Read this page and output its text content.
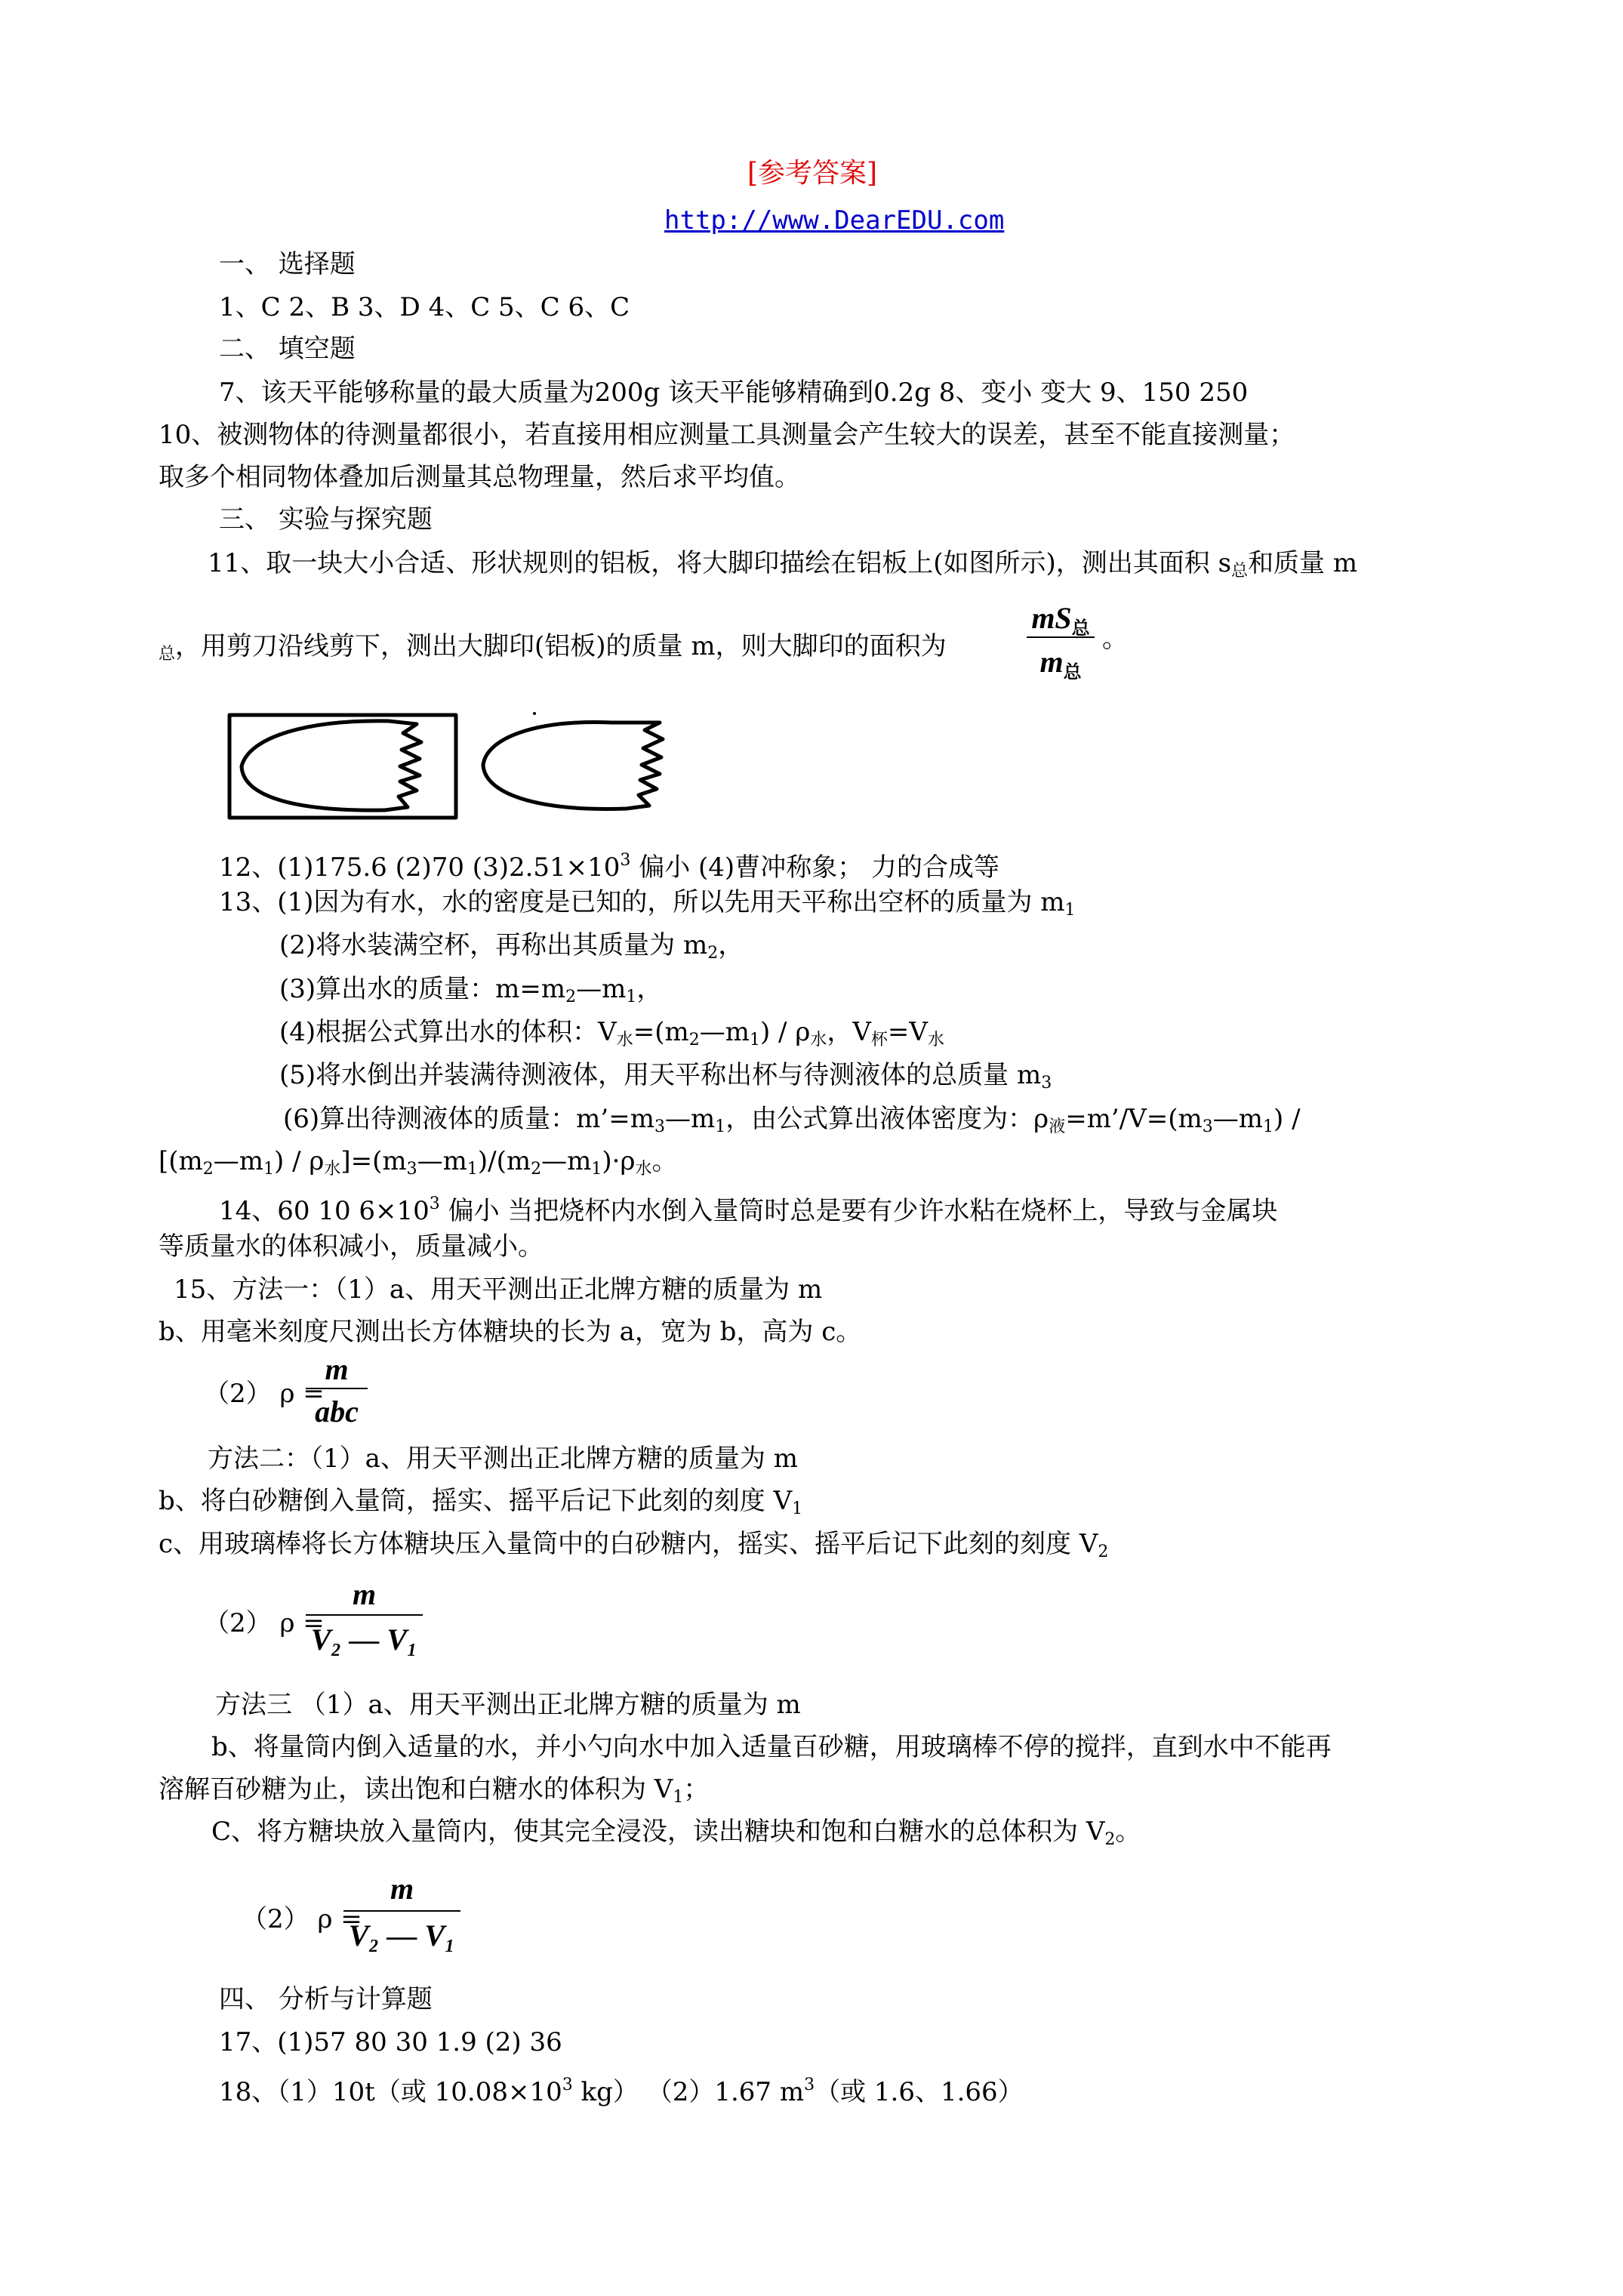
[参考答案]
http://www.DearEDU.com
一、 选择题
1、C 2、B 3、D 4、C 5、C 6、C
二、 填空题
7、该天平能够称量的最大质量为200g 该天平能够精确到0.2g 8、变小 变大 9、150 250
10、被测物体的待测量都很小，若直接用相应测量工具测量会产生较大的误差，甚至不能直接测量；
取多个相同物体叠加后测量其总物理量，然后求平均值。
三、 实验与探究题
11、取一块大小合适、形状规则的铝板，将大脚印描绘在铝板上(如图所示)，测出其面积 $s_总$和质量 m
$_总$，用剪刀沿线剪下，测出大脚印(铝板)的质量 m，则大脚印的面积为
$mS_总$
$m_总$
。
12、(1)175.6 (2)70 $(3)2.51\times 10^3$ 偏小 (4)曹冲称象； 力的合成等
13、(1)因为有水，水的密度是已知的，所以先用天平称出空杯的质量为 $m_1$
(2)将水装满空杯，再称出其质量为 $m_2$，
(3)算出水的质量：$m=m_2—m_1$，
(4)根据公式算出水的体积：$V_水=(m_2—m_1) / \rho_水$，$V_杯=V_水$
(5)将水倒出并装满待测液体，用天平称出杯与待测液体的总质量 $m_3$
(6)算出待测液体的质量：$m’=m_3—m_1$，由公式算出液体密度为：$\rho_液=m’/V=(m_3—m_1)$ /
[$(m_2—m_1)$ / $\rho_水]=(m_3—m_1)/(m_2—m_1)\cdot\rho_水$。
14、60 10 $6\times 10^3$ 偏小 当把烧杯内水倒入量筒时总是要有少许水粘在烧杯上，导致与金属块
等质量水的体积减小，质量减小。
15、方法一：（1）a、用天平测出正北牌方糖的质量为 m
b、用毫米刻度尺测出长方体糖块的长为 a，宽为 b，高为 c。
（2） ρ =
m
abc
方法二：（1）a、用天平测出正北牌方糖的质量为 m
b、将白砂糖倒入量筒，摇实、摇平后记下此刻的刻度 $V_1$
c、用玻璃棒将长方体糖块压入量筒中的白砂糖内，摇实、摇平后记下此刻的刻度 $V_2$
（2） ρ =
m
V₂ — V₁
方法三 （1）a、用天平测出正北牌方糖的质量为 m
b、将量筒内倒入适量的水，并小勺向水中加入适量百砂糖，用玻璃棒不停的搅拌，直到水中不能再
溶解百砂糖为止，读出饱和白糖水的体积为 $V_1$；
C、将方糖块放入量筒内，使其完全浸没，读出糖块和饱和白糖水的总体积为 $V_2$。
（2） ρ =
m
V₂ — V₁
四、 分析与计算题
17、(1)57 80 30 1.9 (2) 36
18、（1）10t（或 $10.08\times 10^3$ kg） （2）1.67 $m^3$（或 1.6、1.66）
